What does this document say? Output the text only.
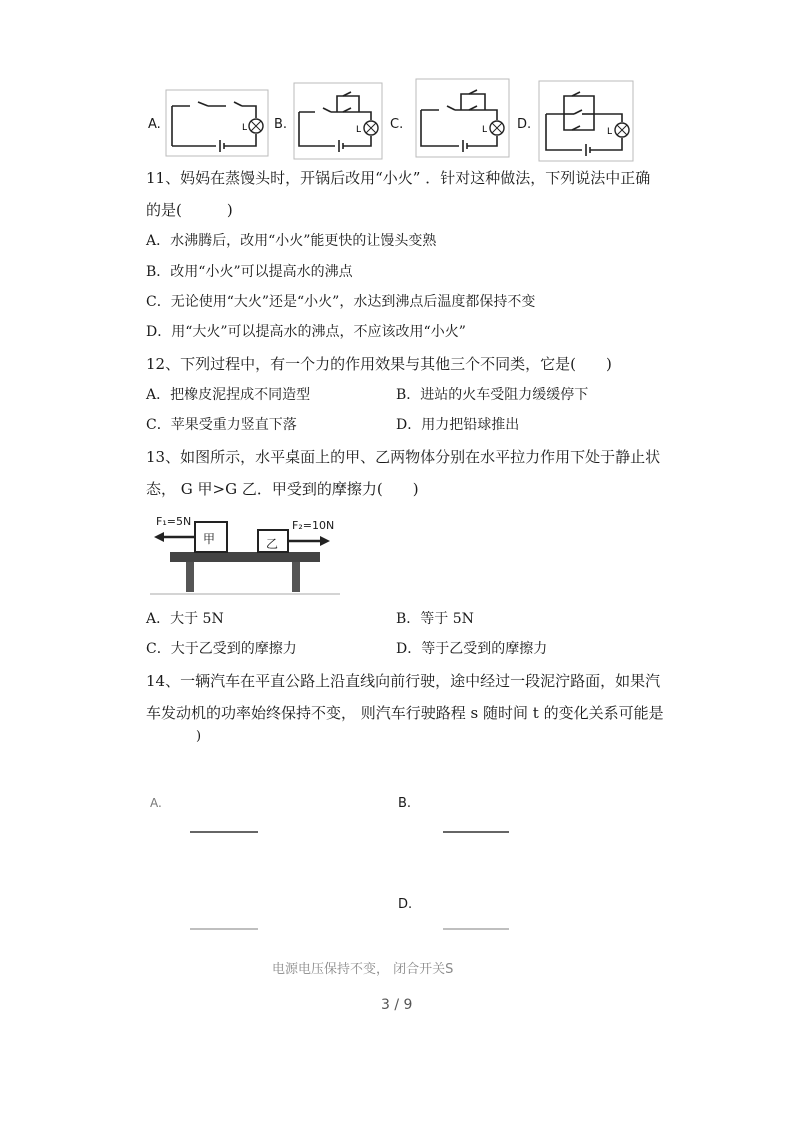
A.	B.	C.	D.
L	L	L	L
11、妈妈在蒸馒头时，开锅后改用“小火” ．针对这种做法，下列说法中正确
的是(　　　)
A．水沸腾后，改用“小火”能更快的让馒头变熟
B．改用“小火”可以提高水的沸点
C．无论使用“大火”还是“小火”，水达到沸点后温度都保持不变
D．用“大火”可以提高水的沸点，不应该改用“小火”
12、下列过程中，有一个力的作用效果与其他三个不同类，它是(　　)
A．把橡皮泥捏成不同造型	B．进站的火车受阻力缓缓停下
C．苹果受重力竖直下落	D．用力把铅球推出
13、如图所示，水平桌面上的甲、乙两物体分别在水平拉力作用下处于静止状
态， G 甲>G 乙．甲受到的摩擦力(　　)
F₁=5N	F₂=10N
甲	乙
A．大于 5N	B．等于 5N
C．大于乙受到的摩擦力	D．等于乙受到的摩擦力
14、一辆汽车在平直公路上沿直线向前行驶，途中经过一段泥泞路面，如果汽
车发动机的功率始终保持不变， 则汽车行驶路程 s 随时间 t 的变化关系可能是
)
A.	B.
D.
电源电压保持不变， 闭合开关S
3 / 9
